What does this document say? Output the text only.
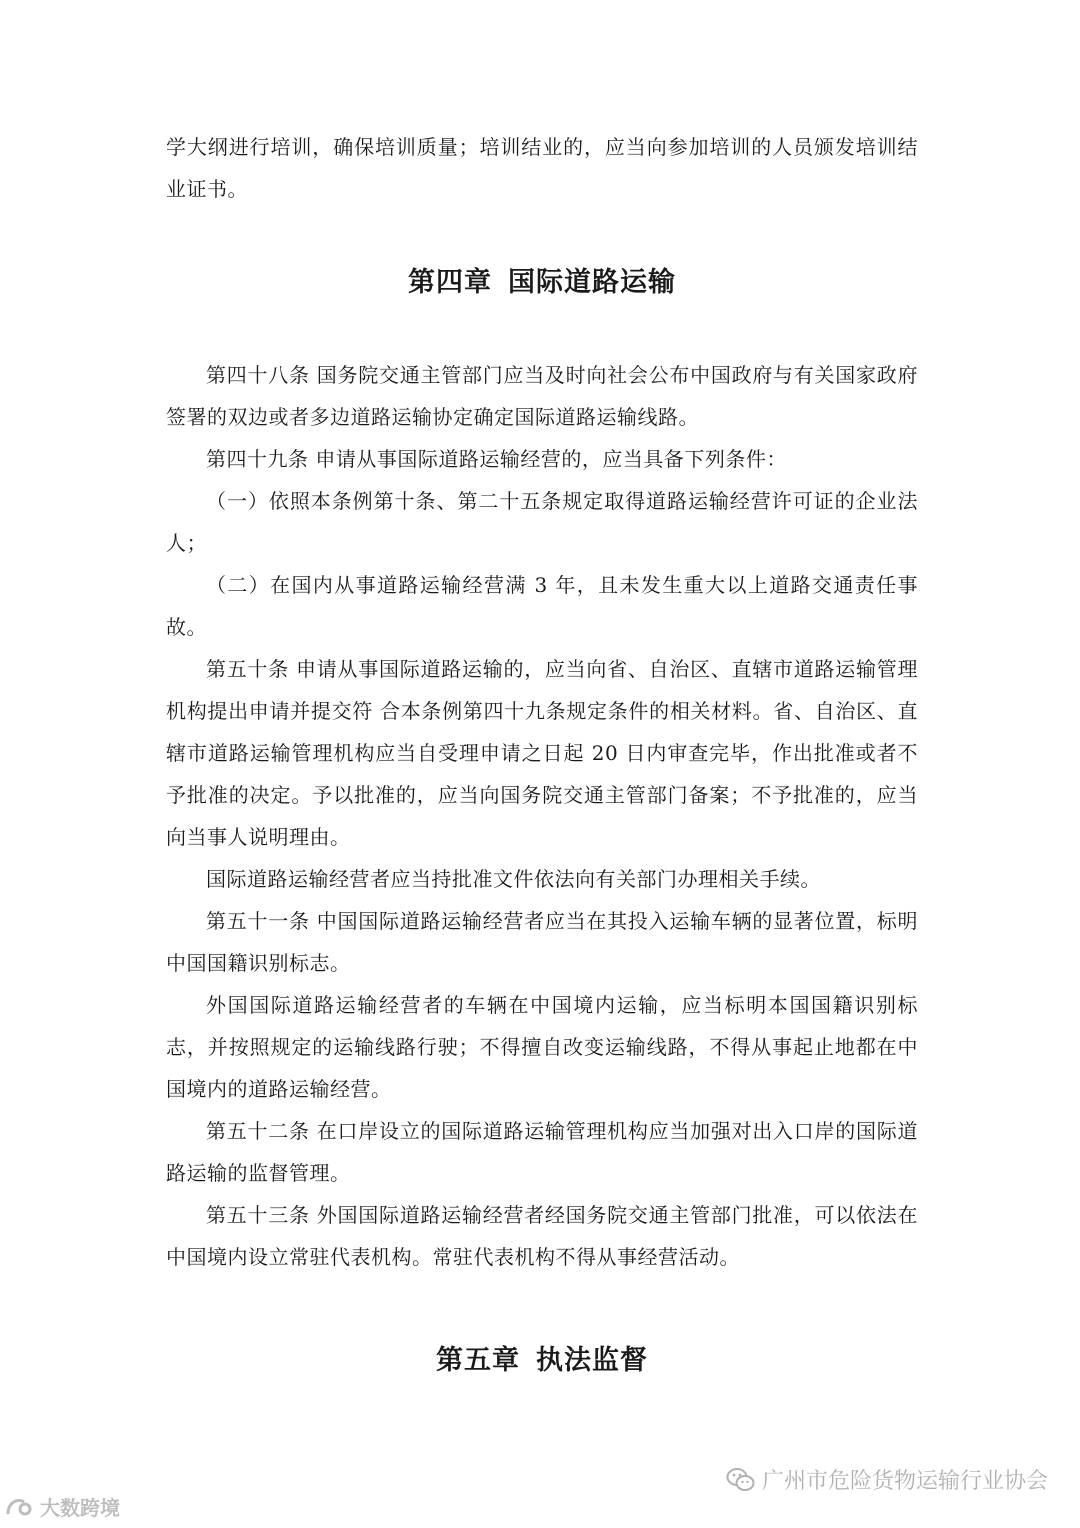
学大纲进行培训，确保培训质量；培训结业的，应当向参加培训的人员颁发培训结业证书。

第四章 国际道路运输

第四十八条 国务院交通主管部门应当及时向社会公布中国政府与有关国家政府签署的双边或者多边道路运输协定确定国际道路运输线路。

第四十九条 申请从事国际道路运输经营的，应当具备下列条件：

（一）依照本条例第十条、第二十五条规定取得道路运输经营许可证的企业法人；

（二）在国内从事道路运输经营满 3 年，且未发生重大以上道路交通责任事故。

第五十条 申请从事国际道路运输的，应当向省、自治区、直辖市道路运输管理机构提出申请并提交符 合本条例第四十九条规定条件的相关材料。省、自治区、直辖市道路运输管理机构应当自受理申请之日起 20 日内审查完毕，作出批准或者不予批准的决定。予以批准的，应当向国务院交通主管部门备案；不予批准的，应当向当事人说明理由。

国际道路运输经营者应当持批准文件依法向有关部门办理相关手续。

第五十一条 中国国际道路运输经营者应当在其投入运输车辆的显著位置，标明中国国籍识别标志。

外国国际道路运输经营者的车辆在中国境内运输，应当标明本国国籍识别标志，并按照规定的运输线路行驶；不得擅自改变运输线路，不得从事起止地都在中国境内的道路运输经营。

第五十二条 在口岸设立的国际道路运输管理机构应当加强对出入口岸的国际道路运输的监督管理。

第五十三条 外国国际道路运输经营者经国务院交通主管部门批准，可以依法在中国境内设立常驻代表机构。常驻代表机构不得从事经营活动。

第五章 执法监督
广州市危险货物运输行业协会
大数跨境
